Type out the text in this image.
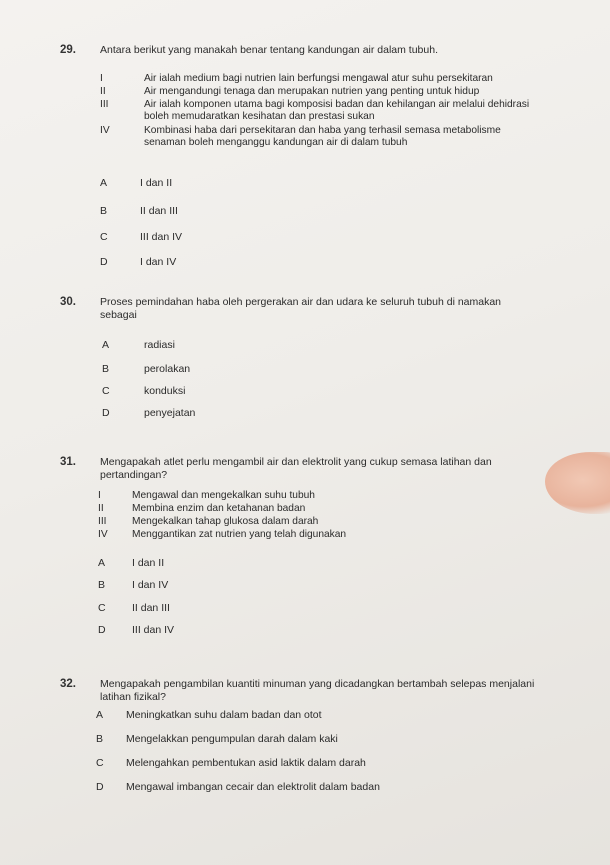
29. Antara berikut yang manakah benar tentang kandungan air dalam tubuh.
I	Air ialah medium bagi nutrien lain berfungsi mengawal atur suhu persekitaran
II	Air mengandungi tenaga dan merupakan nutrien yang penting untuk hidup
III	Air ialah komponen utama bagi komposisi badan dan kehilangan air melalui dehidrasi boleh memudaratkan kesihatan dan prestasi sukan
IV	Kombinasi haba dari persekitaran dan haba yang terhasil semasa metabolisme senaman boleh menganggu kandungan air di dalam tubuh
A	I dan II
B	II dan III
C	III dan IV
D	I dan IV
30. Proses pemindahan haba oleh pergerakan air dan udara ke seluruh tubuh di namakan sebagai
A	radiasi
B	perolakan
C	konduksi
D	penyejatan
31. Mengapakah atlet perlu mengambil air dan elektrolit yang cukup semasa latihan dan pertandingan?
I	Mengawal dan mengekalkan suhu tubuh
II	Membina enzim dan ketahanan badan
III	Mengekalkan tahap glukosa dalam darah
IV	Menggantikan zat nutrien yang telah digunakan
A	I dan II
B	I dan IV
C	II dan III
D	III dan IV
32. Mengapakah pengambilan kuantiti minuman yang dicadangkan bertambah selepas menjalani latihan fizikal?
A	Meningkatkan suhu dalam badan dan otot
B	Mengelakkan pengumpulan darah dalam kaki
C	Melengahkan pembentukan asid laktik dalam darah
D	Mengawal imbangan cecair dan elektrolit dalam badan
